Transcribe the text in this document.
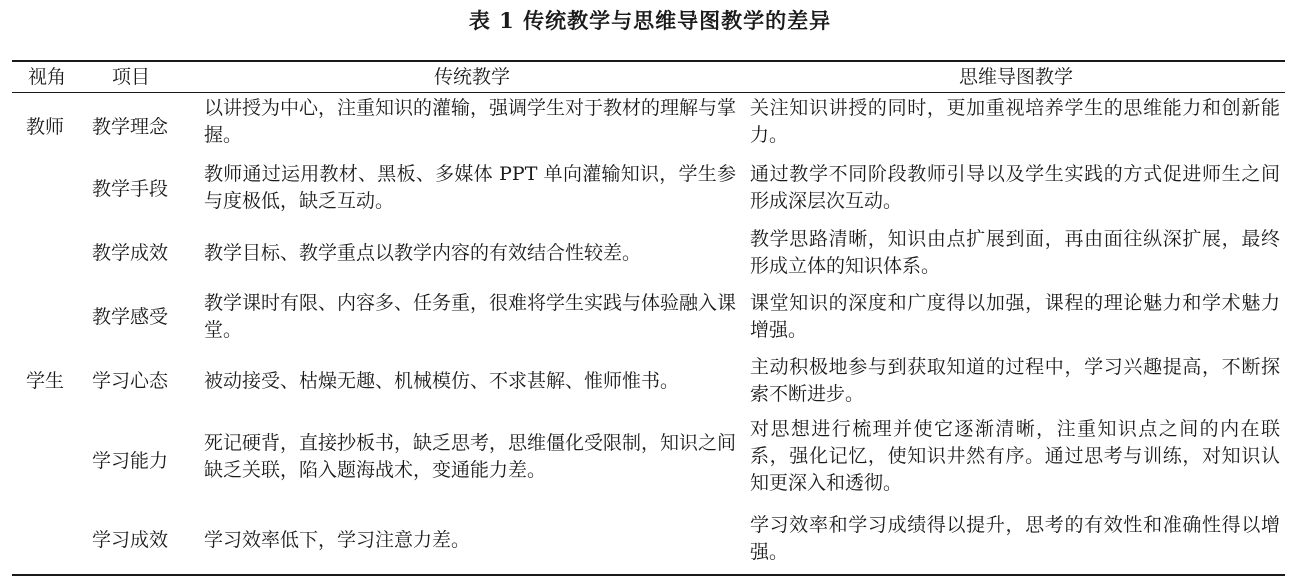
表 1 传统教学与思维导图教学的差异
视角 项目	传统教学	思维导图教学
教师 教学理念
以讲授为中心，注重知识的灌输，强调学生对于教材的理解与掌握。
关注知识讲授的同时，更加重视培养学生的思维能力和创新能力。
教学手段
教师通过运用教材、黑板、多媒体 PPT 单向灌输知识，学生参与度极低，缺乏互动。
通过教学不同阶段教师引导以及学生实践的方式促进师生之间形成深层次互动。
教学成效 教学目标、教学重点以教学内容的有效结合性较差。
教学思路清晰，知识由点扩展到面，再由面往纵深扩展，最终形成立体的知识体系。
教学感受
教学课时有限、内容多、任务重，很难将学生实践与体验融入课堂。
课堂知识的深度和广度得以加强，课程的理论魅力和学术魅力增强。
学生 学习心态 被动接受、枯燥无趣、机械模仿、不求甚解、惟师惟书。
主动积极地参与到获取知道的过程中，学习兴趣提高，不断探索不断进步。
学习能力
死记硬背，直接抄板书，缺乏思考，思维僵化受限制，知识之间缺乏关联，陷入题海战术，变通能力差。
对思想进行梳理并使它逐渐清晰，注重知识点之间的内在联系，强化记忆，使知识井然有序。通过思考与训练，对知识认知更深入和透彻。
学习成效 学习效率低下，学习注意力差。
学习效率和学习成绩得以提升，思考的有效性和准确性得以增强。
